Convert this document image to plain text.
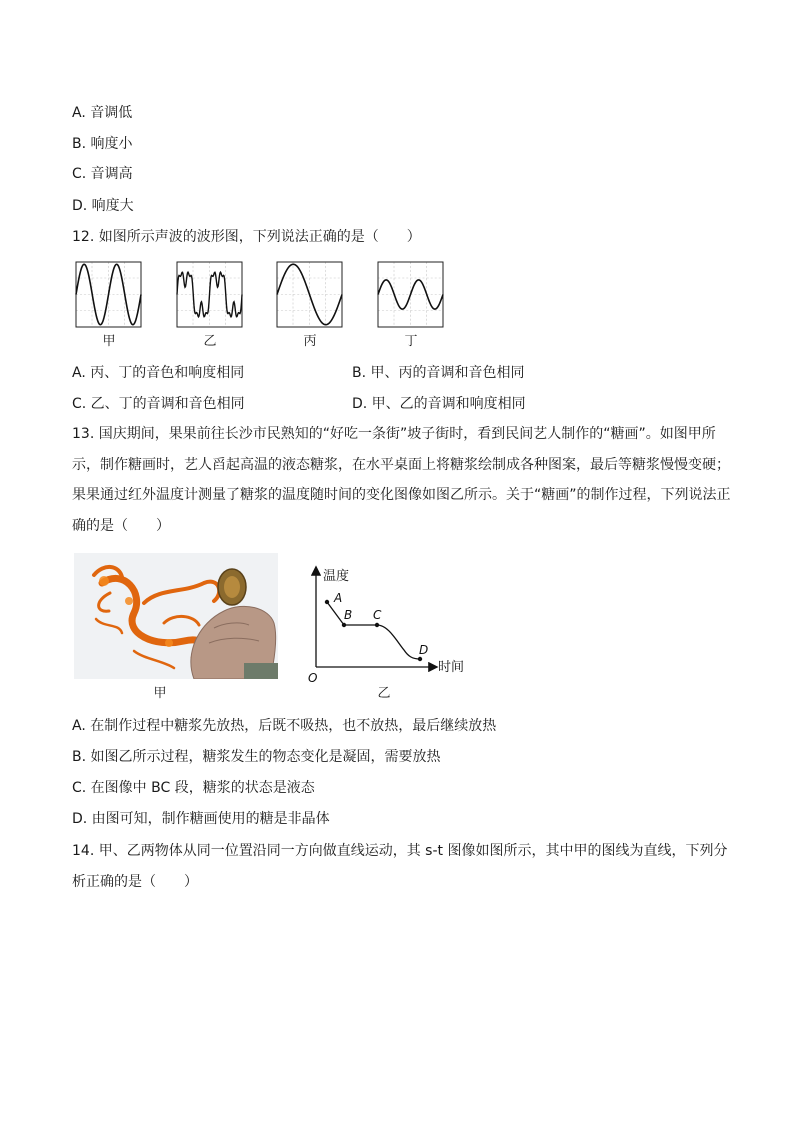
A. 音调低
B. 响度小
C. 音调高
D. 响度大
12. 如图所示声波的波形图，下列说法正确的是（　　）
甲	乙	丙	丁
A. 丙、丁的音色和响度相同	B. 甲、丙的音调和音色相同
C. 乙、丁的音调和音色相同	D. 甲、乙的音调和响度相同
13. 国庆期间，果果前往长沙市民熟知的“好吃一条街”坡子街时，看到民间艺人制作的“糖画”。如图甲所示，制作糖画时，艺人舀起高温的液态糖浆，在水平桌面上将糖浆绘制成各种图案，最后等糖浆慢慢变硬；果果通过红外温度计测量了糖浆的温度随时间的变化图像如图乙所示。关于“糖画”的制作过程，下列说法正确的是（　　）
甲
温度
时间
O
A
B C
D
乙
A. 在制作过程中糖浆先放热，后既不吸热，也不放热，最后继续放热
B. 如图乙所示过程，糖浆发生的物态变化是凝固，需要放热
C. 在图像中 BC 段，糖浆的状态是液态
D. 由图可知，制作糖画使用的糖是非晶体
14. 甲、乙两物体从同一位置沿同一方向做直线运动，其 s-t 图像如图所示，其中甲的图线为直线，下列分析正确的是（　　）
